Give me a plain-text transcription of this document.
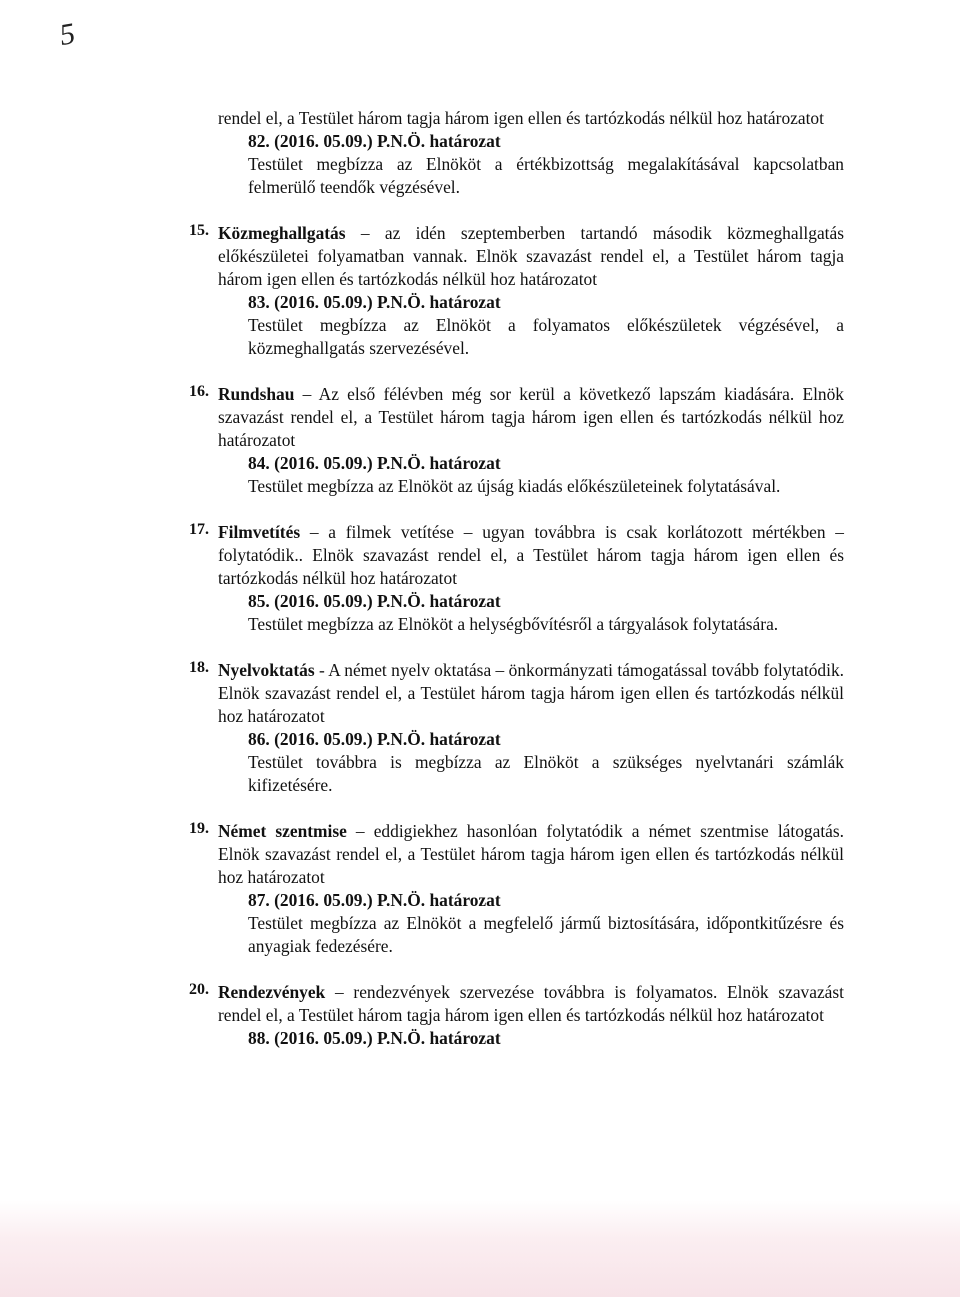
5

rendel el, a Testület három tagja három igen ellen és tartózkodás nélkül hoz határozatot

82. (2016. 05.09.) P.N.Ö. határozat

Testület megbízza az Elnököt a értékbizottság megalakításával kapcsolatban felmerülő teendők végzésével.

15. Közmeghallgatás – az idén szeptemberben tartandó második közmeghallgatás előkészületei folyamatban vannak. Elnök szavazást rendel el, a Testület három tagja három igen ellen és tartózkodás nélkül hoz határozatot

83. (2016. 05.09.) P.N.Ö. határozat

Testület megbízza az Elnököt a folyamatos előkészületek végzésével, a közmeghallgatás szervezésével.

16. Rundshau – Az első félévben még sor kerül a következő lapszám kiadására. Elnök szavazást rendel el, a Testület három tagja három igen ellen és tartózkodás nélkül hoz határozatot

84. (2016. 05.09.) P.N.Ö. határozat

Testület megbízza az Elnököt az újság kiadás előkészületeinek folytatásával.

17. Filmvetítés – a filmek vetítése – ugyan továbbra is csak korlátozott mértékben – folytatódik.. Elnök szavazást rendel el, a Testület három tagja három igen ellen és tartózkodás nélkül hoz határozatot

85. (2016. 05.09.) P.N.Ö. határozat

Testület megbízza az Elnököt a helységbővítésről a tárgyalások folytatására.

18. Nyelvoktatás - A német nyelv oktatása – önkormányzati támogatással tovább folytatódik. Elnök szavazást rendel el, a Testület három tagja három igen ellen és tartózkodás nélkül hoz határozatot

86. (2016. 05.09.) P.N.Ö. határozat

Testület továbbra is megbízza az Elnököt a szükséges nyelvtanári számlák kifizetésére.

19. Német szentmise – eddigiekhez hasonlóan folytatódik a német szentmise látogatás. Elnök szavazást rendel el, a Testület három tagja három igen ellen és tartózkodás nélkül hoz határozatot

87. (2016. 05.09.) P.N.Ö. határozat

Testület megbízza az Elnököt a megfelelő jármű biztosítására, időpontkitűzésre és anyagiak fedezésére.

20. Rendezvények – rendezvények szervezése továbbra is folyamatos. Elnök szavazást rendel el, a Testület három tagja három igen ellen és tartózkodás nélkül hoz határozatot

88. (2016. 05.09.) P.N.Ö. határozat
